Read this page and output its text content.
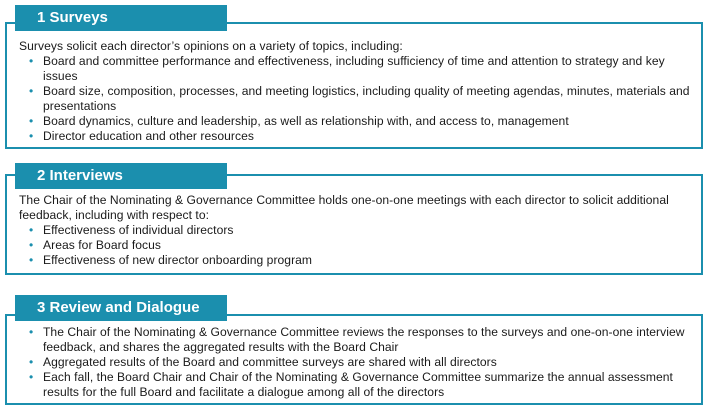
1 Surveys

Surveys solicit each director’s opinions on a variety of topics, including:

• Board and committee performance and effectiveness, including sufficiency of time and attention to strategy and key issues
• Board size, composition, processes, and meeting logistics, including quality of meeting agendas, minutes, materials and presentations
• Board dynamics, culture and leadership, as well as relationship with, and access to, management
• Director education and other resources
2 Interviews

The Chair of the Nominating & Governance Committee holds one-on-one meetings with each director to solicit additional feedback, including with respect to:

• Effectiveness of individual directors
• Areas for Board focus
• Effectiveness of new director onboarding program
3 Review and Dialogue
• The Chair of the Nominating & Governance Committee reviews the responses to the surveys and one-on-one interview feedback, and shares the aggregated results with the Board Chair
• Aggregated results of the Board and committee surveys are shared with all directors
• Each fall, the Board Chair and Chair of the Nominating & Governance Committee summarize the annual assessment results for the full Board and facilitate a dialogue among all of the directors
